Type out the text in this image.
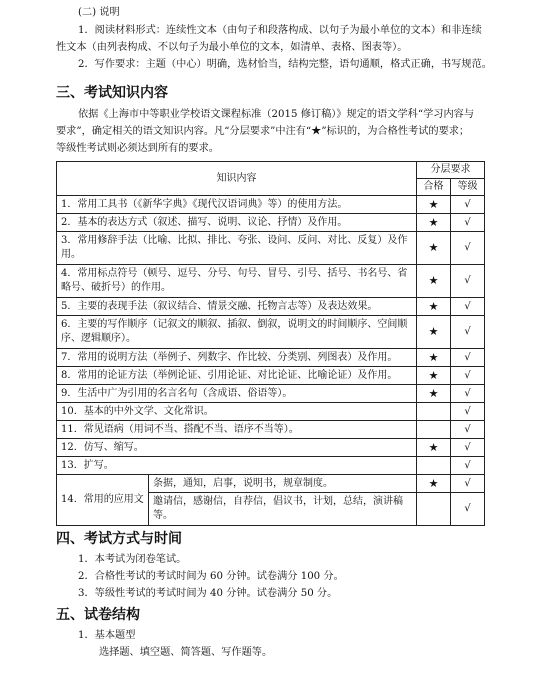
(二) 说明
1．阅读材料形式：连续性文本（由句子和段落构成、以句子为最小单位的文本）和非连续
性文本（由列表构成、不以句子为最小单位的文本，如清单、表格、图表等）。
2．写作要求：主题（中心）明确，选材恰当，结构完整，语句通顺，格式正确，书写规范。
三、考试知识内容
依据《上海市中等职业学校语文课程标准（2015 修订稿）》规定的语文学科“学习内容与
要求”，确定相关的语文知识内容。凡“分层要求”中注有“★”标识的，为合格性考试的要求；
等级性考试则必须达到所有的要求。
知识内容		分层要求	
		合格	等级
1．常用工具书（《新华字典》《现代汉语词典》等）的使用方法。		★	√
2．基本的表达方式（叙述、描写、说明、议论、抒情）及作用。		★	√
3．常用修辞手法（比喻、比拟、排比、夸张、设问、反问、对比、反复）及作用。		★	√
4．常用标点符号（顿号、逗号、分号、句号、冒号、引号、括号、书名号、省略号、破折号）的作用。		★	√
5．主要的表现手法（叙议结合、情景交融、托物言志等）及表达效果。		★	√
6．主要的写作顺序（记叙文的顺叙、插叙、倒叙，说明文的时间顺序、空间顺序、逻辑顺序）。		★	√
7．常用的说明方法（举例子、列数字、作比较、分类别、列图表）及作用。		★	√
8．常用的论证方法（举例论证、引用论证、对比论证、比喻论证）及作用。		★	√
9．生活中广为引用的名言名句（含成语、俗语等）。		★	√
10．基本的中外文学、文化常识。			√
11．常见语病（用词不当、搭配不当、语序不当等）。			√
12．仿写、缩写。		★	√
13．扩写。			√
14．常用的应用文	条据，通知，启事，说明书，规章制度。	★	√
	邀请信，感谢信，自荐信，倡议书，计划，总结，演讲稿等。		√
四、考试方式与时间
1．本考试为闭卷笔试。
2．合格性考试的考试时间为 60 分钟。试卷满分 100 分。
3．等级性考试的考试时间为 40 分钟。试卷满分 50 分。
五、试卷结构
1．基本题型
选择题、填空题、简答题、写作题等。
